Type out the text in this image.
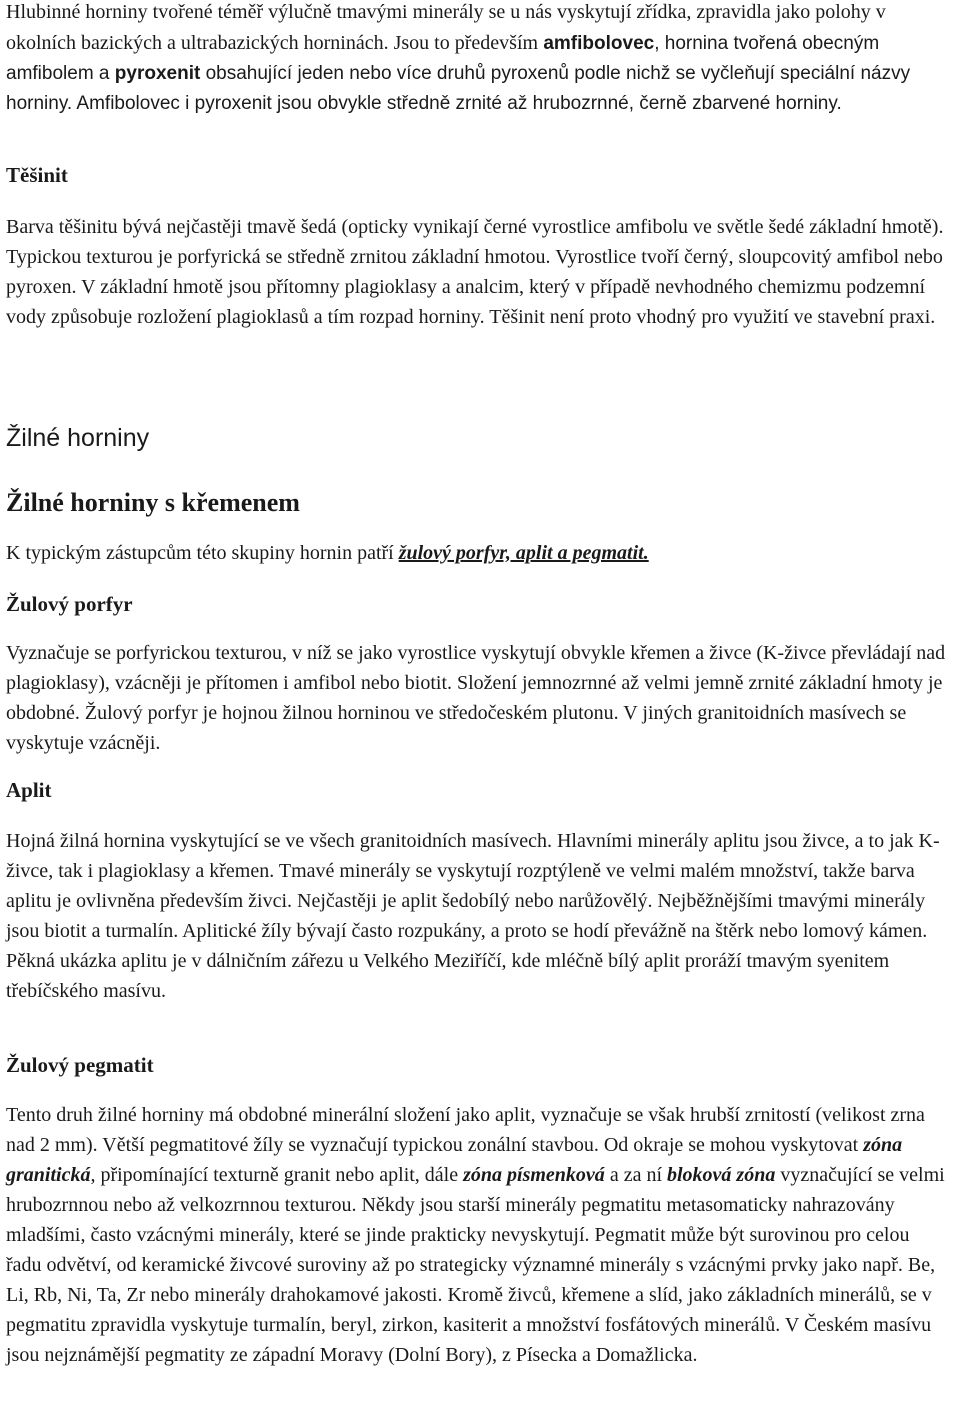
Hlubinné horniny tvořené téměř výlučně tmavými minerály se u nás vyskytují zřídka, zpravidla jako polohy v okolních bazických a ultrabazických horninách. Jsou to především amfibolovec, hornina tvořená obecným amfibolem a pyroxenit obsahující jeden nebo více druhů pyroxenů podle nichž se vyčleňují speciální názvy horniny. Amfibolovec i pyroxenit jsou obvykle středně zrnité až hrubozrnné, černě zbarvené horniny.

Těšinit

Barva těšinitu bývá nejčastěji tmavě šedá (opticky vynikají černé vyrostlice amfibolu ve světle šedé základní hmotě). Typickou texturou je porfyrická se středně zrnitou základní hmotou. Vyrostlice tvoří černý, sloupcovitý amfibol nebo pyroxen. V základní hmotě jsou přítomny plagioklasy a analcim, který v případě nevhodného chemizmu podzemní vody způsobuje rozložení plagioklasů a tím rozpad horniny. Těšinit není proto vhodný pro využití ve stavební praxi.

Žilné horniny
Žilné horniny s křemenem

K typickým zástupcům této skupiny hornin patří žulový porfyr, aplit a pegmatit.

Žulový porfyr

Vyznačuje se porfyrickou texturou, v níž se jako vyrostlice vyskytují obvykle křemen a živce (K-živce převládají nad plagioklasy), vzácněji je přítomen i amfibol nebo biotit. Složení jemnozrnné až velmi jemně zrnité základní hmoty je obdobné. Žulový porfyr je hojnou žilnou horninou ve středočeském plutonu. V jiných granitoidních masívech se vyskytuje vzácněji.

Aplit

Hojná žilná hornina vyskytující se ve všech granitoidních masívech. Hlavními minerály aplitu jsou živce, a to jak K-živce, tak i plagioklasy a křemen. Tmavé minerály se vyskytují rozptýleně ve velmi malém množství, takže barva aplitu je ovlivněna především živci. Nejčastěji je aplit šedobílý nebo narůžovělý. Nejběžnějšími tmavými minerály jsou biotit a turmalín. Aplitické žíly bývají často rozpukány, a proto se hodí převážně na štěrk nebo lomový kámen. Pěkná ukázka aplitu je v dálničním zářezu u Velkého Meziříčí, kde mléčně bílý aplit proráží tmavým syenitem třebíčského masívu.

Žulový pegmatit

Tento druh žilné horniny má obdobné minerální složení jako aplit, vyznačuje se však hrubší zrnitostí (velikost zrna nad 2 mm). Větší pegmatitové žíly se vyznačují typickou zonální stavbou. Od okraje se mohou vyskytovat zóna granitická, připomínající texturně granit nebo aplit, dále zóna písmenková a za ní bloková zóna vyznačující se velmi hrubozrnnou nebo až velkozrnnou texturou. Někdy jsou starší minerály pegmatitu metasomaticky nahrazovány mladšími, často vzácnými minerály, které se jinde prakticky nevyskytují. Pegmatit může být surovinou pro celou řadu odvětví, od keramické živcové suroviny až po strategicky významné minerály s vzácnými prvky jako např. Be, Li, Rb, Ni, Ta, Zr nebo minerály drahokamové jakosti. Kromě živců, křemene a slíd, jako základních minerálů, se v pegmatitu zpravidla vyskytuje turmalín, beryl, zirkon, kasiterit a množství fosfátových minerálů. V Českém masívu jsou nejznámější pegmatity ze západní Moravy (Dolní Bory), z Písecka a Domažlicka.
